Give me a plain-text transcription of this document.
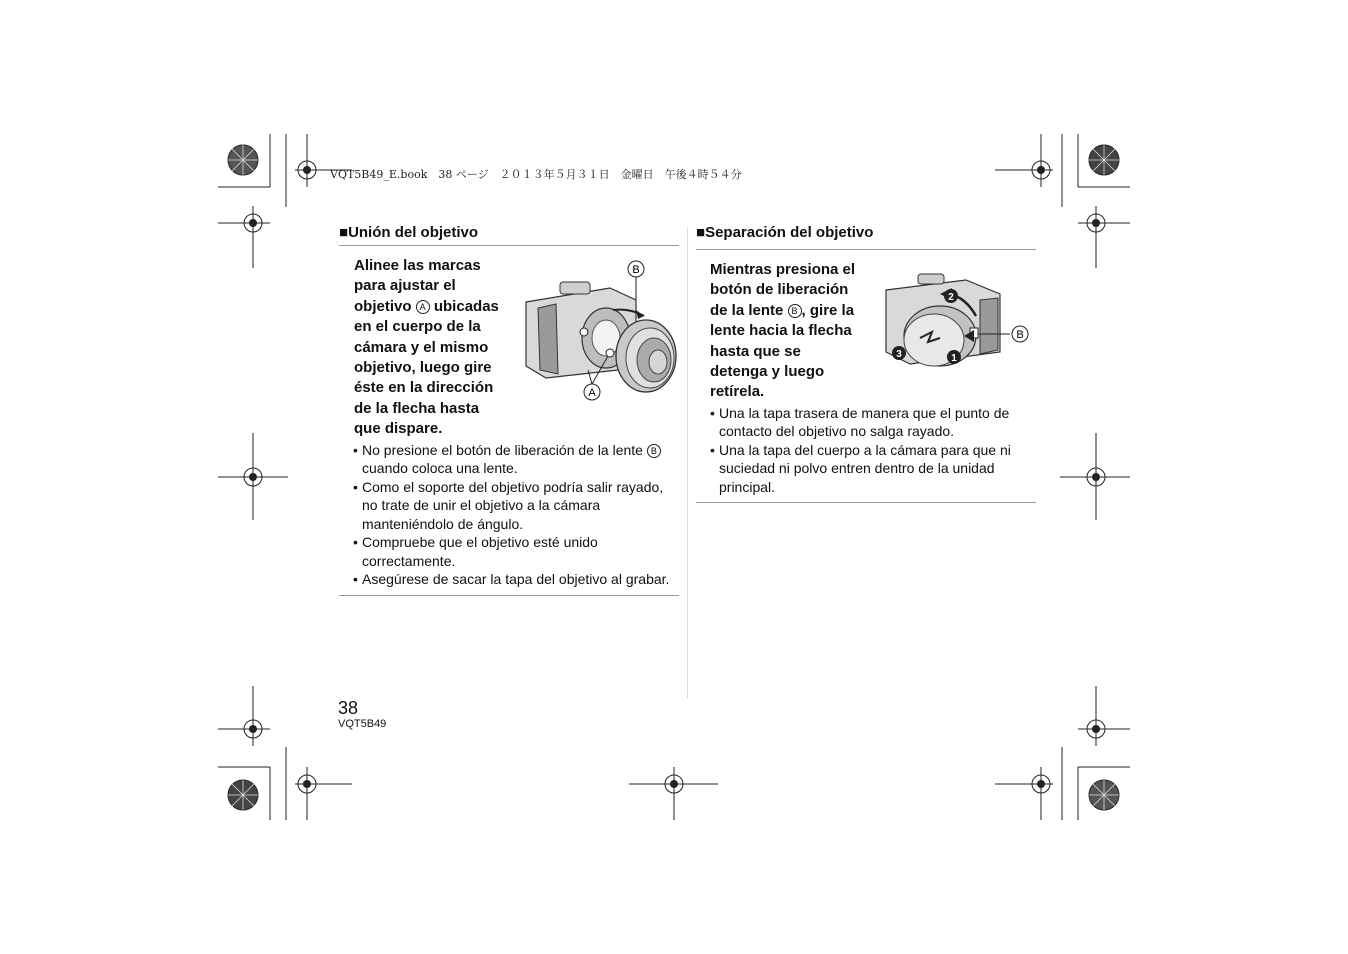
VQT5B49_E.book　38 ページ　２０１３年５月３１日　金曜日　午後４時５４分
■Unión del objetivo
Alinee las marcas
para ajustar el
objetivo A ubicadas
en el cuerpo de la
cámara y el mismo
objetivo, luego gire
éste en la dirección
de la flecha hasta
que dispare.
• No presione el botón de liberación de la lente B cuando coloca una lente.
• Como el soporte del objetivo podría salir rayado, no trate de unir el objetivo a la cámara manteniéndolo de ángulo.
• Compruebe que el objetivo esté unido correctamente.
• Asegúrese de sacar la tapa del objetivo al grabar.
B
A
■Separación del objetivo
Mientras presiona el
botón de liberación
de la lente B , gire la
lente hacia la flecha
hasta que se
detenga y luego
retírela.
• Una la tapa trasera de manera que el punto de contacto del objetivo no salga rayado.
• Una la tapa del cuerpo a la cámara para que ni suciedad ni polvo entren dentro de la unidad principal.
2
1
3
B
38
VQT5B49
